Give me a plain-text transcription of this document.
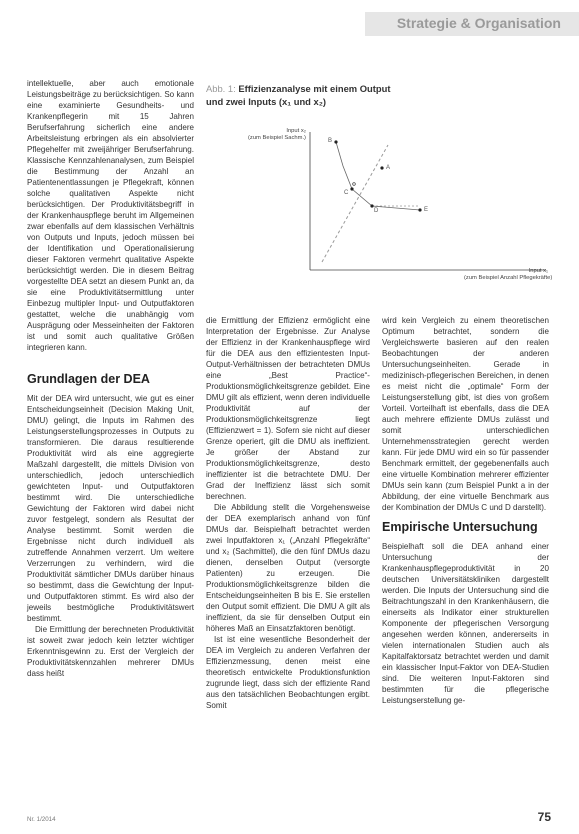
Strategie & Organisation

intellektuelle, aber auch emotionale Leistungsbeiträge zu berücksichtigen. So kann eine examinierte Gesundheits- und Krankenpflegerin mit 15 Jahren Berufserfahrung sicherlich eine andere Arbeitsleistung erbringen als ein absolvierter Pflegehelfer mit zweijähriger Berufserfahrung. Klassische Kennzahlenanalysen, zum Beispiel die Bestimmung der Anzahl an Patientenentlassungen je Pflegekraft, können solche qualitativen Aspekte nicht berücksichtigen. Der Produktivitätsbegriff in der Krankenhauspflege beruht im Allgemeinen zwar ebenfalls auf dem klassischen Verhältnis von Outputs und Inputs, jedoch müssen bei der Identifikation und Operationalisierung dieser Faktoren vermehrt qualitative Aspekte berücksichtigt werden. Die in diesem Beitrag vorgestellte DEA setzt an diesem Punkt an, da sie eine Produktivitätsermittlung unter Einbezug multipler Input- und Outputfaktoren gestattet, welche die unabhängig vom Ausprägung oder Messeinheiten der Faktoren ist und somit auch qualitative Größen integrieren kann.

Grundlagen der DEA

Mit der DEA wird untersucht, wie gut es einer Entscheidungseinheit (Decision Making Unit, DMU) gelingt, die Inputs im Rahmen des Leistungserstellungsprozesses in Outputs zu transformieren. Die daraus resultierende Produktivität wird als eine aggregierte Maßzahl dargestellt, die mittels Division von unterschiedlich, jedoch unterschiedlich gewichteten Input- und Outputfaktoren bestimmt wird. Die unterschiedliche Gewichtung der Faktoren wird dabei nicht zuvor festgelegt, sondern als Resultat der Analyse bestimmt. Somit werden die Ergebnisse nicht durch individuell als zutreffende Annahmen verzerrt. Um weitere Verzerrungen zu verhindern, wird die Produktivität sämtlicher DMUs darüber hinaus so bestimmt, dass die Gewichtung der Input- und Outputfaktoren stimmt. Es wird also der jeweils bestmögliche Produktivitätswert bestimmt.

Die Ermittlung der berechneten Produktivität ist soweit zwar jedoch kein letzter wichtiger Erkenntnisgewinn zu. Erst der Vergleich der Produktivitätskennzahlen mehrerer DMUs dass heißt

Abb. 1: Effizienzanalyse mit einem Output
und zwei Inputs (x₁ und x₂)
Input x₂
(zum Beispiel Sachm.)
Input x₁
(zum Beispiel Anzahl Pflegekräfte)
A
B
C
D	E

die Ermittlung der Effizienz ermöglicht eine Interpretation der Ergebnisse. Zur Analyse der Effizienz in der Krankenhauspflege wird für die DEA aus den effizientesten Input-Output-Verhältnissen der betrachteten DMUs eine „Best Practice“-Produktionsmöglichkeitsgrenze gebildet. Eine DMU gilt als effizient, wenn deren individuelle Produktivität auf der Produktionsmöglichkeitsgrenze liegt (Effizienzwert = 1). Sofern sie nicht auf dieser Grenze operiert, gilt die DMU als ineffizient. Je größer der Abstand zur Produktionsmöglichkeitsgrenze, desto ineffizienter ist die betrachtete DMU. Der Grad der Ineffizienz lässt sich somit berechnen.

Die Abbildung stellt die Vorgehensweise der DEA exemplarisch anhand von fünf DMUs dar. Beispielhaft betrachtet werden zwei Inputfaktoren x₁ („Anzahl Pflegekräfte“ und x₂ (Sachmittel), die den fünf DMUs dazu dienen, denselben Output (versorgte Patienten) zu erzeugen. Die Produktionsmöglichkeitsgrenze bilden die Entscheidungseinheiten B bis E. Sie erstellen den Output somit effizient. Die DMU A gilt als ineffizient, da sie für denselben Output ein höheres Maß an Einsatzfaktoren benötigt.

Ist ist eine wesentliche Besonderheit der DEA im Vergleich zu anderen Verfahren der Effizienzmessung, denen meist eine theoretisch entwickelte Produktionsfunktion zugrunde liegt, dass sich der effiziente Rand aus den tatsächlichen Beobachtungen ergibt. Somit

wird kein Vergleich zu einem theoretischen Optimum betrachtet, sondern die Vergleichswerte basieren auf den realen Beobachtungen der anderen Untersuchungseinheiten. Gerade in medizinisch-pflegerischen Bereichen, in denen es meist nicht die „optimale“ Form der Leistungserstellung gibt, ist dies von großem Vorteil. Vorteilhaft ist ebenfalls, dass die DEA auch mehrere effiziente DMUs zulässt und somit unterschiedlichen Unternehmensstrategien gerecht werden kann. Für jede DMU wird ein so für passender Benchmark ermittelt, der gegebenenfalls auch eine virtuelle Kombination mehrerer effizienter DMUs sein kann (zum Beispiel Punkt a in der Abbildung, der eine virtuelle Benchmark aus der Kombination der DMUs C und D darstellt).

Empirische Untersuchung

Beispielhaft soll die DEA anhand einer Untersuchung der Krankenhauspflegeproduktivität in 20 deutschen Universitätskliniken dargestellt werden. Die Inputs der Untersuchung sind die Beitrachtungszahl in den Krankenhäusern, die einerseits als Indikator einer strukturellen Komponente der pflegerischen Versorgung angesehen werden können, andererseits in vielen internationalen Studien auch als Kapitalfaktorsatz betrachtet werden und damit ein klassischer Input-Faktor von DEA-Studien sind. Die weiteren Input-Faktoren sind bestimmten für die pflegerische Leistungserstellung ge-

Nr. 1/2014	75
